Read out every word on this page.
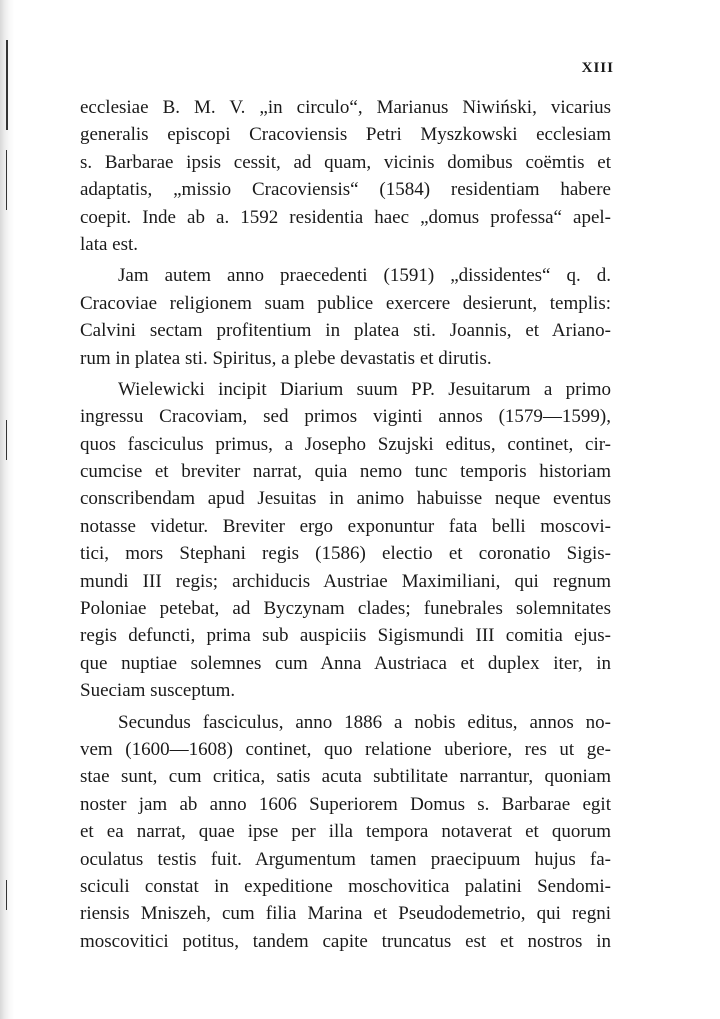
XIII
ecclesiae B. M. V. „in circulo“, Marianus Niwiński, vicarius
generalis episcopi Cracoviensis Petri Myszkowski ecclesiam
s. Barbarae ipsis cessit, ad quam, vicinis domibus coëmtis et
adaptatis, „missio Cracoviensis“ (1584) residentiam habere
coepit. Inde ab a. 1592 residentia haec „domus professa“ apel-
lata est.
Jam autem anno praecedenti (1591) „dissidentes“ q. d.
Cracoviae religionem suam publice exercere desierunt, templis:
Calvini sectam profitentium in platea sti. Joannis, et Ariano-
rum in platea sti. Spiritus, a plebe devastatis et dirutis.
Wielewicki incipit Diarium suum PP. Jesuitarum a primo
ingressu Cracoviam, sed primos viginti annos (1579—1599),
quos fasciculus primus, a Josepho Szujski editus, continet, cir-
cumcise et breviter narrat, quia nemo tunc temporis historiam
conscribendam apud Jesuitas in animo habuisse neque eventus
notasse videtur. Breviter ergo exponuntur fata belli moscovi-
tici, mors Stephani regis (1586) electio et coronatio Sigis-
mundi III regis; archiducis Austriae Maximiliani, qui regnum
Poloniae petebat, ad Byczynam clades; funebrales solemnitates
regis defuncti, prima sub auspiciis Sigismundi III comitia ejus-
que nuptiae solemnes cum Anna Austriaca et duplex iter, in
Sueciam susceptum.
Secundus fasciculus, anno 1886 a nobis editus, annos no-
vem (1600—1608) continet, quo relatione uberiore, res ut ge-
stae sunt, cum critica, satis acuta subtilitate narrantur, quoniam
noster jam ab anno 1606 Superiorem Domus s. Barbarae egit
et ea narrat, quae ipse per illa tempora notaverat et quorum
oculatus testis fuit. Argumentum tamen praecipuum hujus fa-
sciculi constat in expeditione moschovitica palatini Sendomi-
riensis Mniszeh, cum filia Marina et Pseudodemetrio, qui regni
moscovitici potitus, tandem capite truncatus est et nostros in
